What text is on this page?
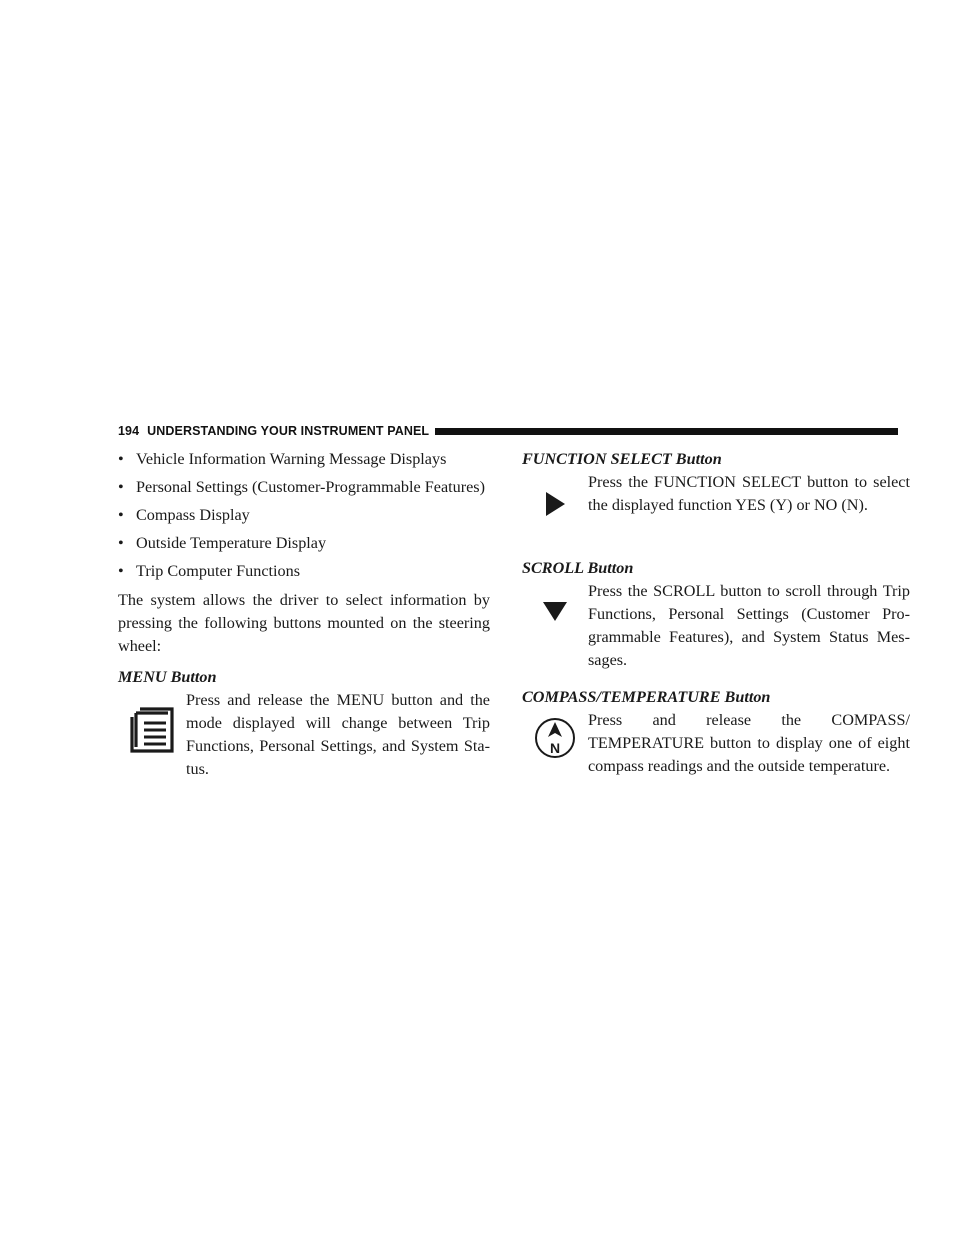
194 UNDERSTANDING YOUR INSTRUMENT PANEL
• Vehicle Information Warning Message Displays
• Personal Settings (Customer-Programmable Features)
• Compass Display
• Outside Temperature Display
• Trip Computer Functions

The system allows the driver to select information by pressing the following buttons mounted on the steering wheel:

MENU Button
Press and release the MENU button and the
mode displayed will change between Trip
Functions, Personal Settings, and System Sta-
tus.
FUNCTION SELECT Button
Press the FUNCTION SELECT button to select
the displayed function YES (Y) or NO (N).
SCROLL Button
Press the SCROLL button to scroll through Trip
Functions, Personal Settings (Customer Pro-
grammable Features), and System Status Mes-
sages.
COMPASS/TEMPERATURE Button
N
Press and release the COMPASS/
TEMPERATURE button to display one of eight
compass readings and the outside temperature.
